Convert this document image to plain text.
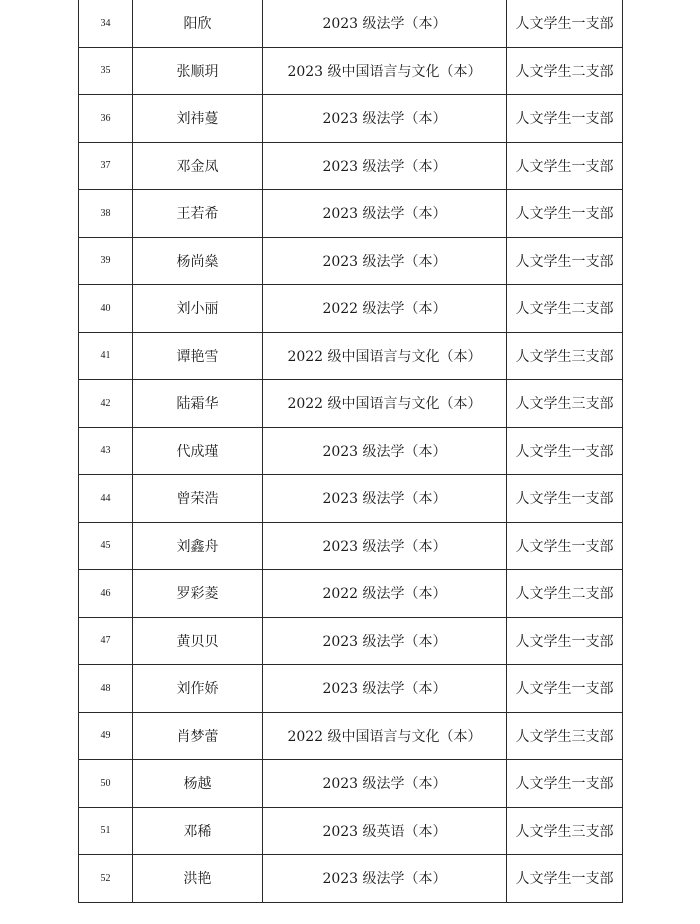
34	阳欣	2023 级法学（本）	人文学生一支部
35	张顺玥	2023 级中国语言与文化（本）	人文学生二支部
36	刘祎蔓	2023 级法学（本）	人文学生一支部
37	邓金凤	2023 级法学（本）	人文学生一支部
38	王若希	2023 级法学（本）	人文学生一支部
39	杨尚燊	2023 级法学（本）	人文学生一支部
40	刘小丽	2022 级法学（本）	人文学生二支部
41	谭艳雪	2022 级中国语言与文化（本）	人文学生三支部
42	陆霜华	2022 级中国语言与文化（本）	人文学生三支部
43	代成瑾	2023 级法学（本）	人文学生一支部
44	曾荣浩	2023 级法学（本）	人文学生一支部
45	刘鑫舟	2023 级法学（本）	人文学生一支部
46	罗彩菱	2022 级法学（本）	人文学生二支部
47	黄贝贝	2023 级法学（本）	人文学生一支部
48	刘作娇	2023 级法学（本）	人文学生一支部
49	肖梦蕾	2022 级中国语言与文化（本）	人文学生三支部
50	杨越	2023 级法学（本）	人文学生一支部
51	邓稀	2023 级英语（本）	人文学生三支部
52	洪艳	2023 级法学（本）	人文学生一支部
